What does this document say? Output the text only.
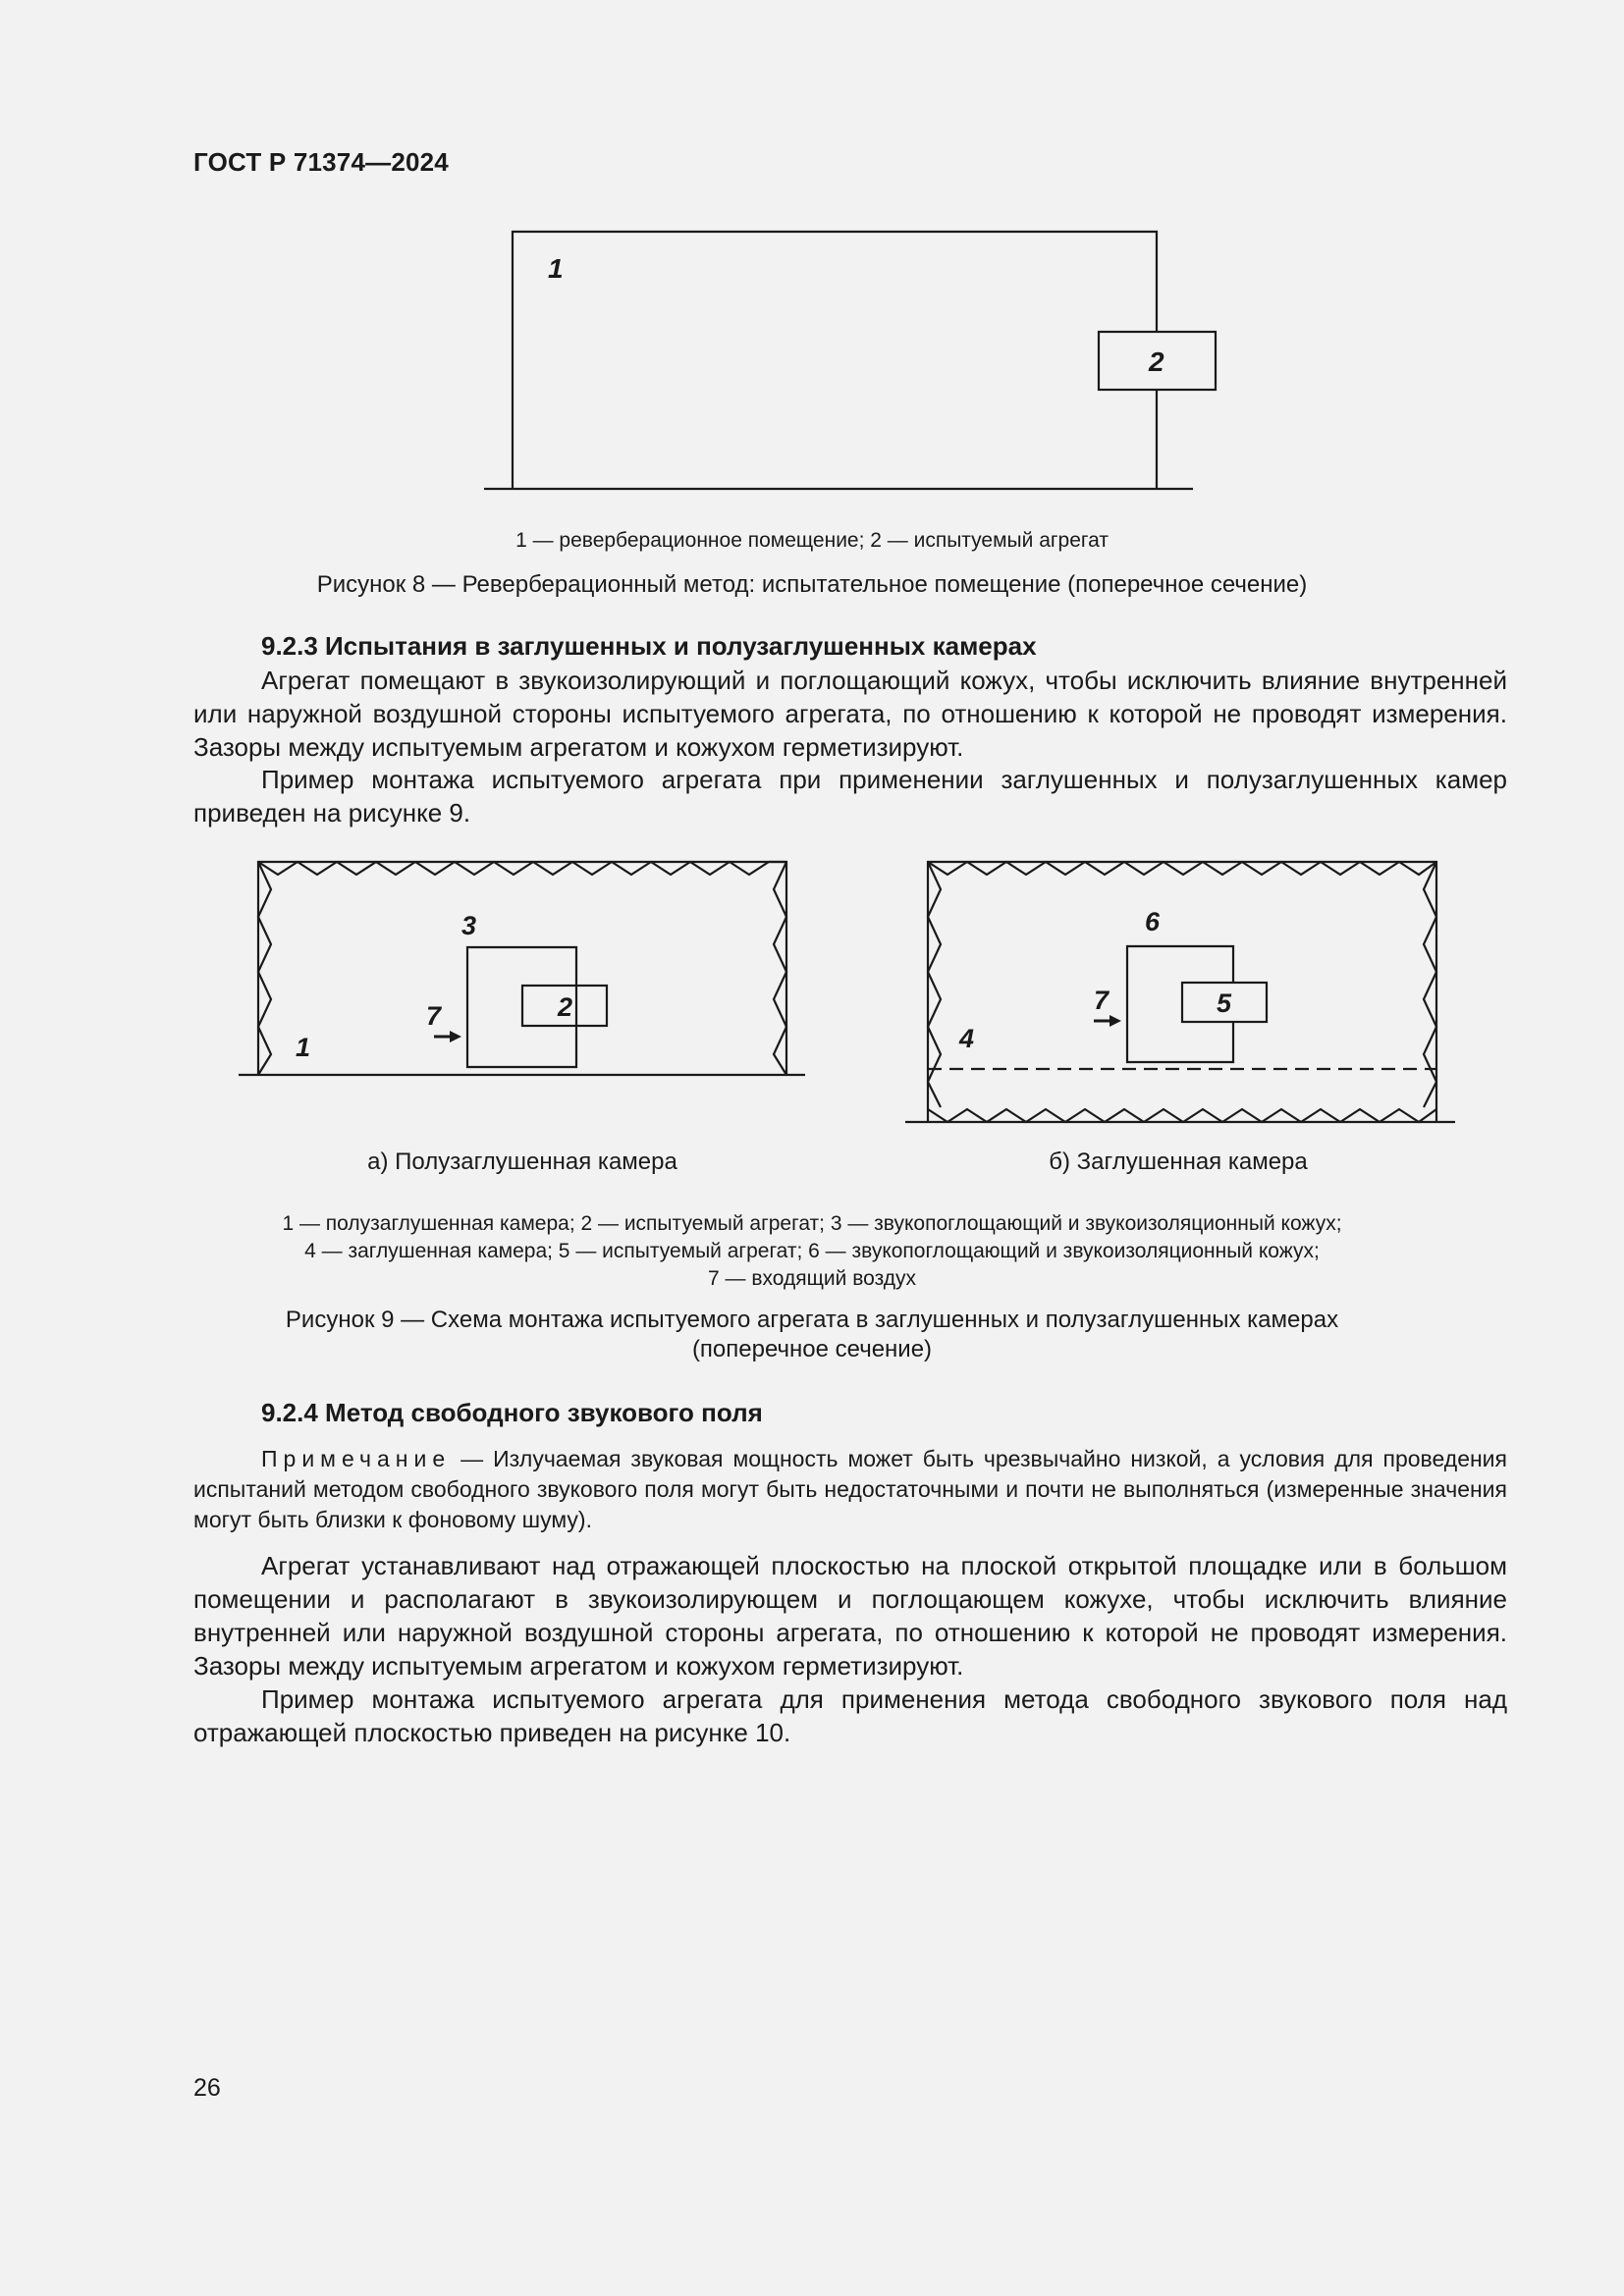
ГОСТ Р 71374—2024
1
2
1 — реверберационное помещение; 2 — испытуемый агрегат
Рисунок 8 — Реверберационный метод: испытательное помещение (поперечное сечение)
9.2.3 Испытания в заглушенных и полузаглушенных камерах
Агрегат помещают в звукоизолирующий и поглощающий кожух, чтобы исключить влияние внутренней или наружной воздушной стороны испытуемого агрегата, по отношению к которой не проводят измерения. Зазоры между испытуемым агрегатом и кожухом герметизируют.
Пример монтажа испытуемого агрегата при применении заглушенных и полузаглушенных камер приведен на рисунке 9.
1
2
3
7
4
5
6
7
а) Полузаглушенная камера	б) Заглушенная камера
1 — полузаглушенная камера; 2 — испытуемый агрегат; 3 — звукопоглощающий и звукоизоляционный кожух;
4 — заглушенная камера; 5 — испытуемый агрегат; 6 — звукопоглощающий и звукоизоляционный кожух;
7 — входящий воздух
Рисунок 9 — Схема монтажа испытуемого агрегата в заглушенных и полузаглушенных камерах
(поперечное сечение)
9.2.4 Метод свободного звукового поля
Примечание — Излучаемая звуковая мощность может быть чрезвычайно низкой, а условия для проведения испытаний методом свободного звукового поля могут быть недостаточными и почти не выполняться (измеренные значения могут быть близки к фоновому шуму).
Агрегат устанавливают над отражающей плоскостью на плоской открытой площадке или в большом помещении и располагают в звукоизолирующем и поглощающем кожухе, чтобы исключить влияние внутренней или наружной воздушной стороны агрегата, по отношению к которой не проводят измерения. Зазоры между испытуемым агрегатом и кожухом герметизируют.
Пример монтажа испытуемого агрегата для применения метода свободного звукового поля над отражающей плоскостью приведен на рисунке 10.
26
